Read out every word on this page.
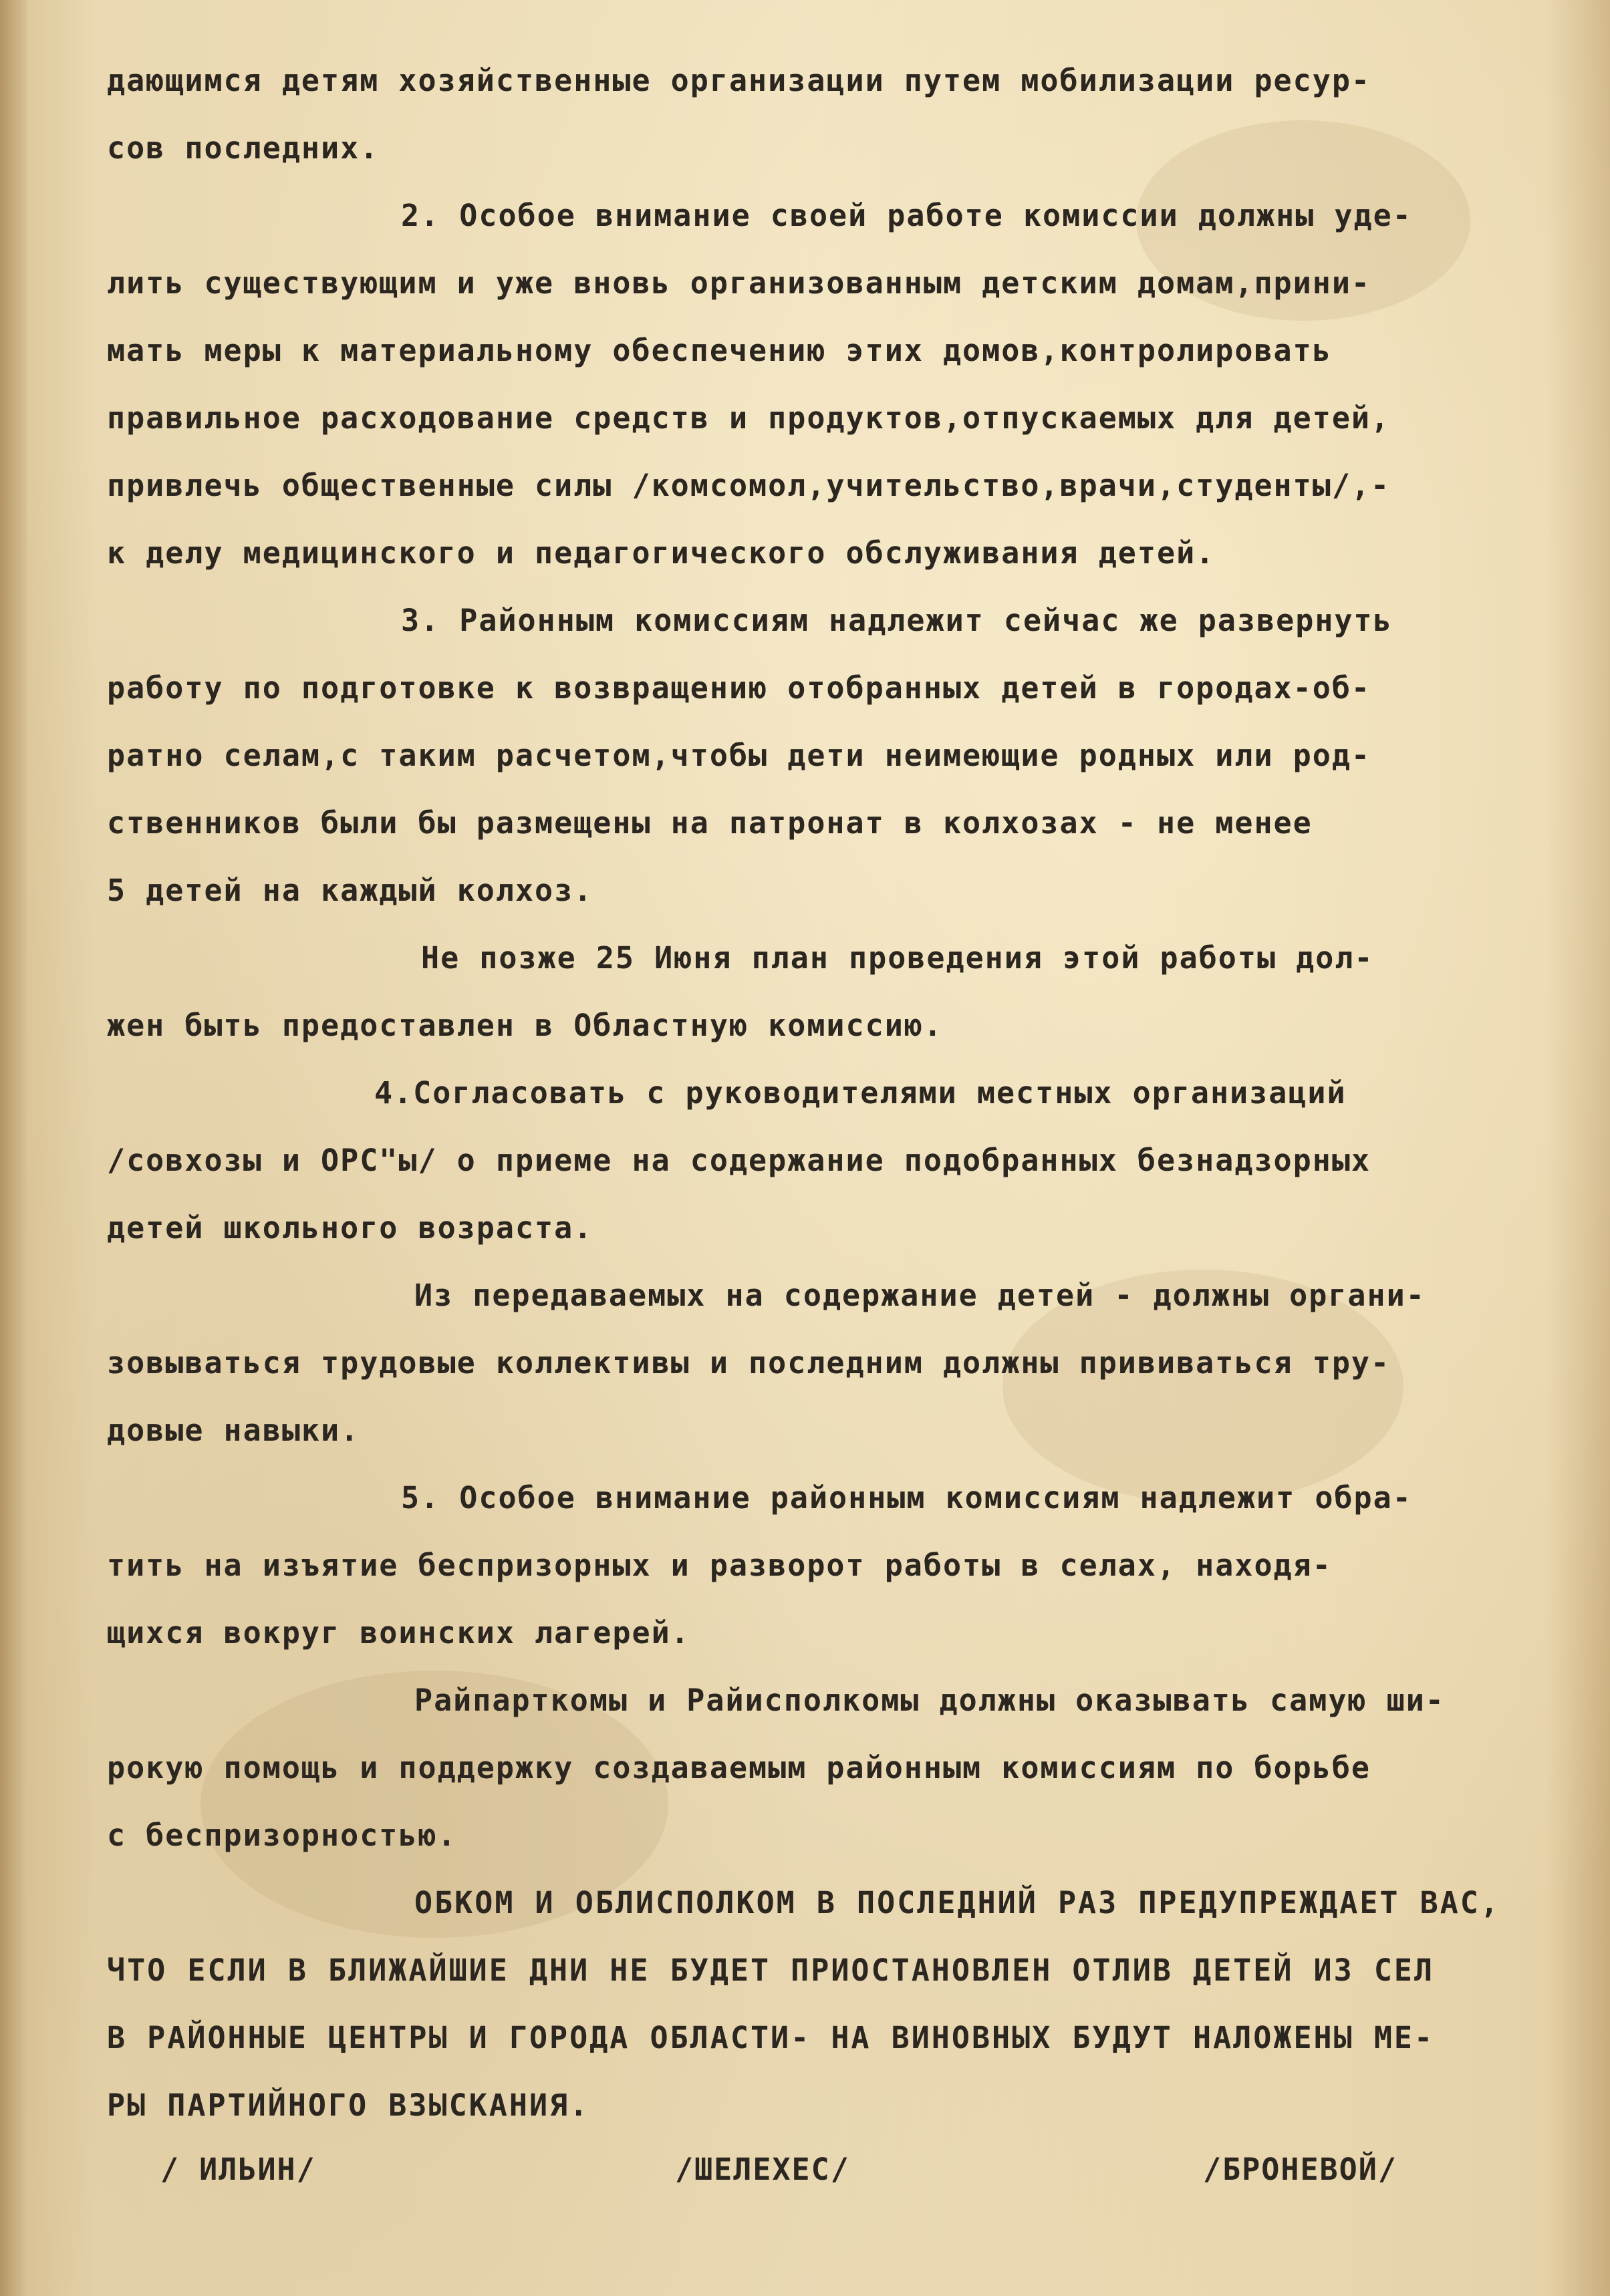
дающимся детям хозяйственные организации путем мобилизации ресур-
сов последних.
2. Особое внимание своей работе комиссии должны уде-
лить существующим и уже вновь организованным детским домам,прини-
мать меры к материальному обеспечению этих домов,контролировать
правильное расходование средств и продуктов,отпускаемых для детей,
привлечь общественные силы /комсомол,учительство,врачи,студенты/,-
к делу медицинского и педагогического обслуживания детей.
3. Районным комиссиям надлежит сейчас же развернуть
работу по подготовке к возвращению отобранных детей в городах-об-
ратно селам,с таким расчетом,чтобы дети неимеющие родных или род-
ственников были бы размещены на патронат в колхозах - не менее
5 детей на каждый колхоз.
Не позже 25 Июня план проведения этой работы дол-
жен быть предоставлен в Областную комиссию.
4.Согласовать с руководителями местных организаций
/совхозы и ОРС"ы/ о приеме на содержание подобранных безнадзорных
детей школьного возраста.
Из передаваемых на содержание детей - должны органи-
зовываться трудовые коллективы и последним должны прививаться тру-
довые навыки.
5. Особое внимание районным комиссиям надлежит обра-
тить на изъятие беспризорных и разворот работы в селах, находя-
щихся вокруг воинских лагерей.
Райпарткомы и Райисполкомы должны оказывать самую ши-
рокую помощь и поддержку создаваемым районным комиссиям по борьбе
с беспризорностью.
ОБКОМ И ОБЛИСПОЛКОМ В ПОСЛЕДНИЙ РАЗ ПРЕДУПРЕЖДАЕТ ВАС,
ЧТО ЕСЛИ В БЛИЖАЙШИЕ ДНИ НЕ БУДЕТ ПРИОСТАНОВЛЕН ОТЛИВ ДЕТЕЙ ИЗ СЕЛ
В РАЙОННЫЕ ЦЕНТРЫ И ГОРОДА ОБЛАСТИ- НА ВИНОВНЫХ БУДУТ НАЛОЖЕНЫ МЕ-
РЫ ПАРТИЙНОГО ВЗЫСКАНИЯ.
/ ИЛЬИН/	/ШЕЛЕХЕС/	/БРОНЕВОЙ/
